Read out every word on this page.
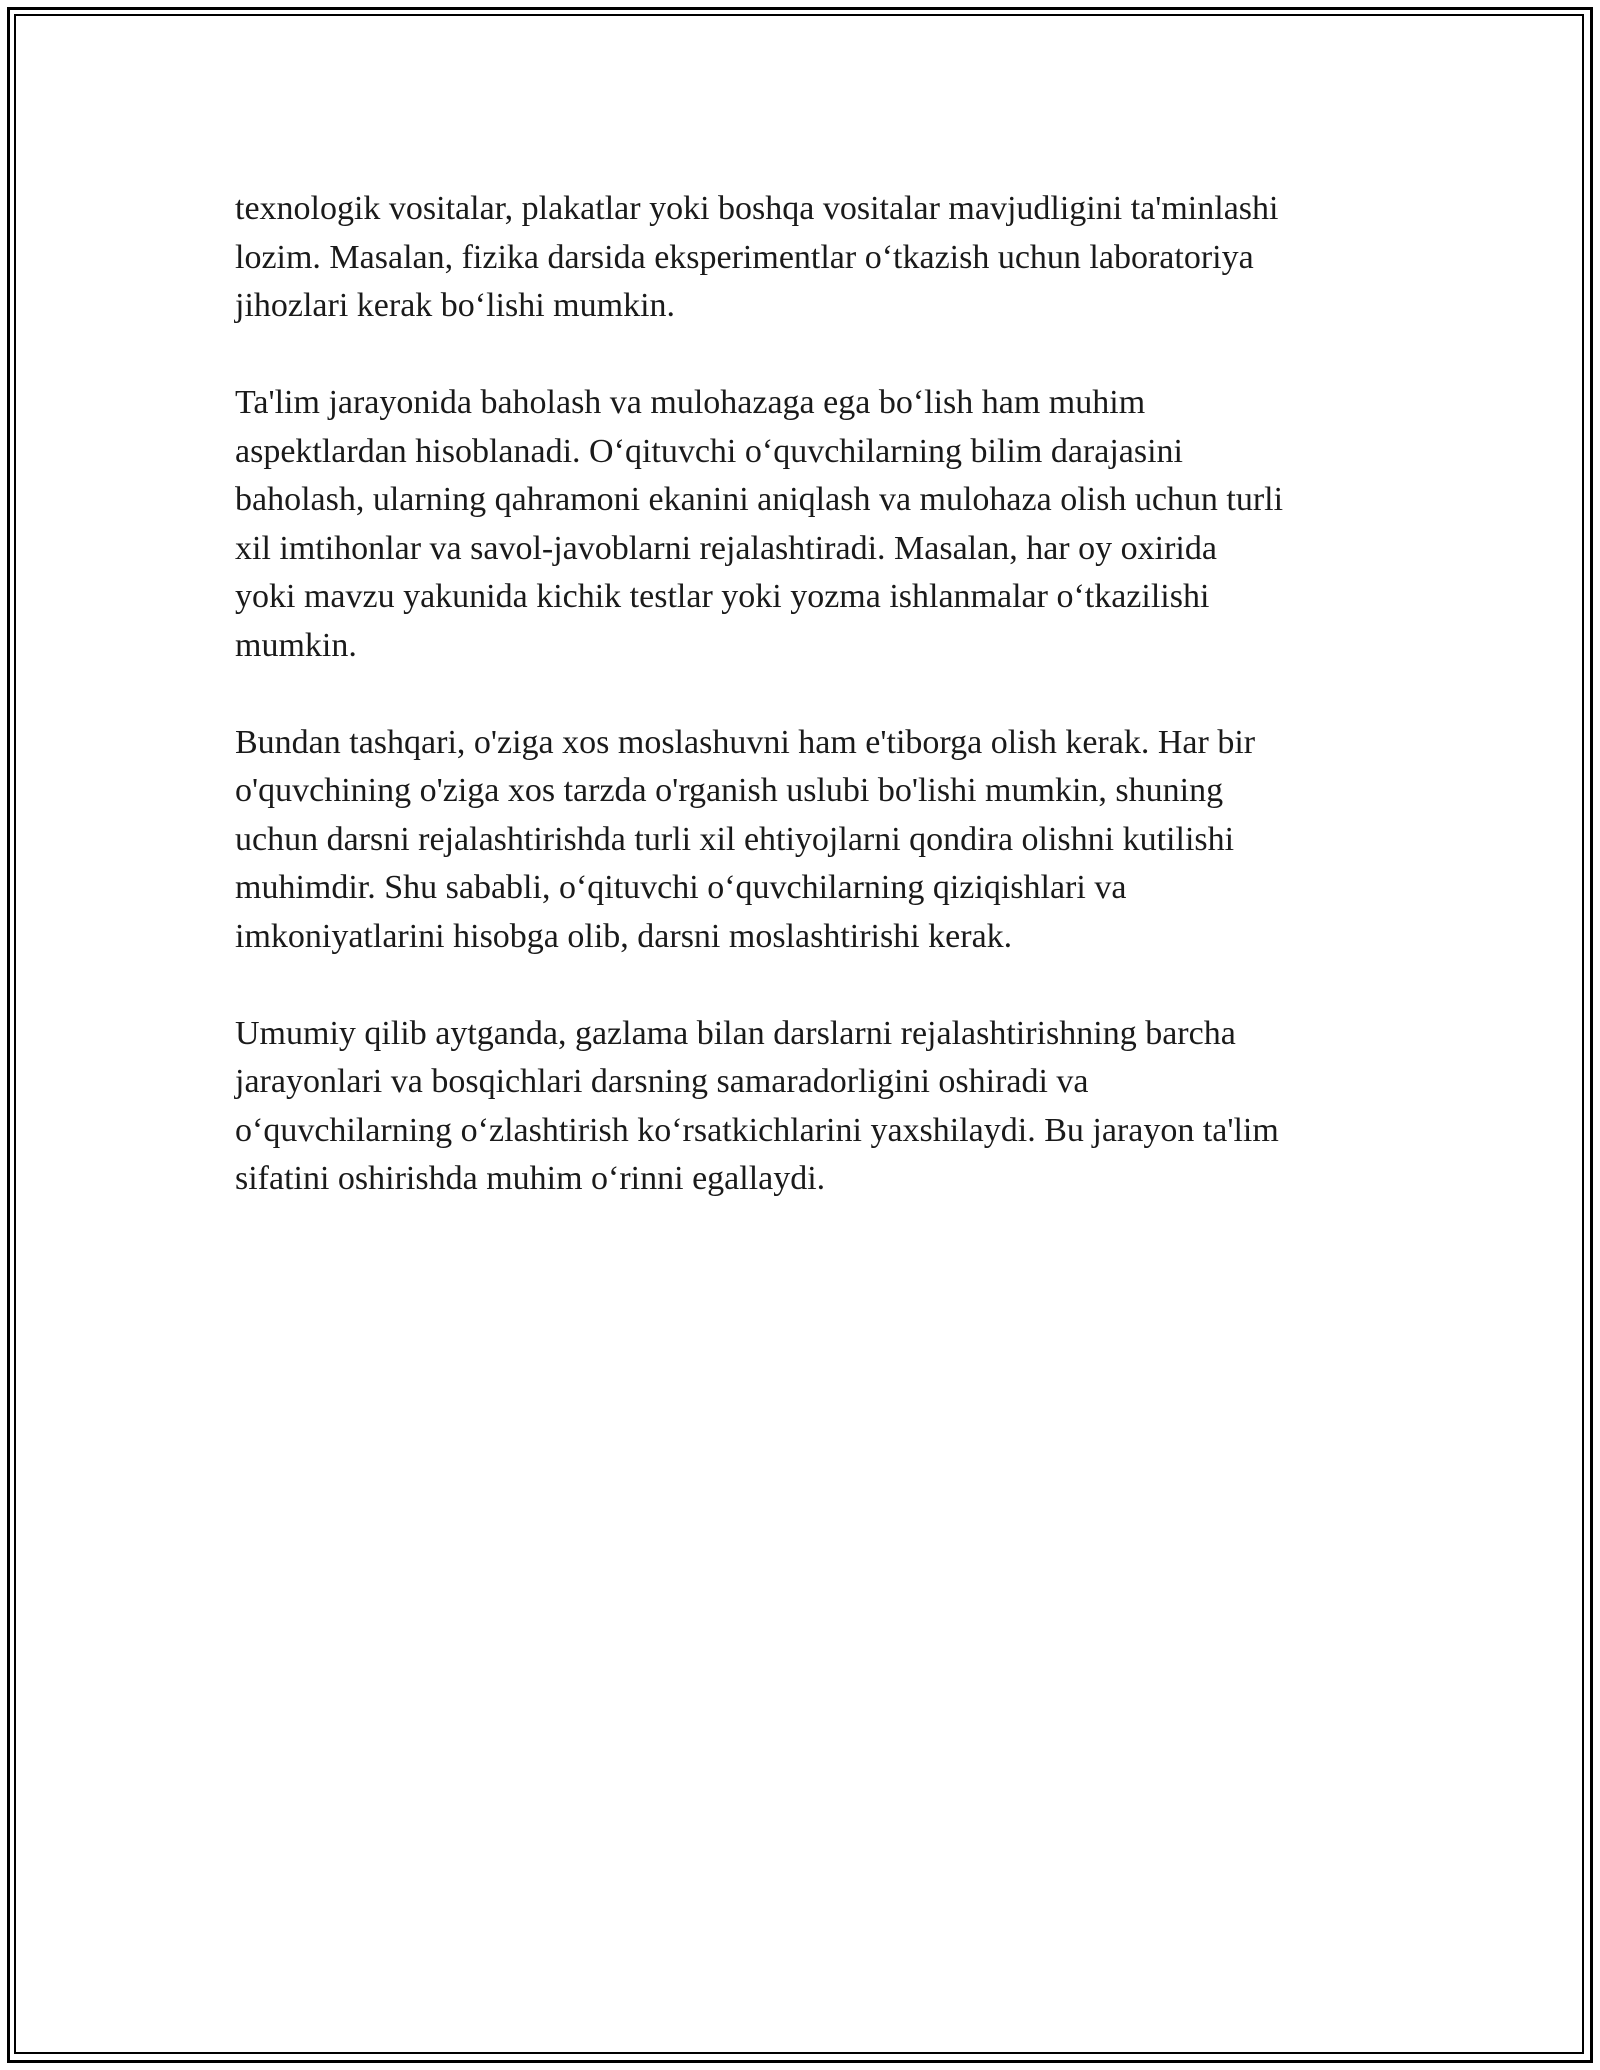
texnologik vositalar, plakatlar yoki boshqa vositalar mavjudligini ta'minlashi
lozim. Masalan, fizika darsida eksperimentlar o‘tkazish uchun laboratoriya
jihozlari kerak bo‘lishi mumkin.

Ta'lim jarayonida baholash va mulohazaga ega bo‘lish ham muhim
aspektlardan hisoblanadi. O‘qituvchi o‘quvchilarning bilim darajasini
baholash, ularning qahramoni ekanini aniqlash va mulohaza olish uchun turli
xil imtihonlar va savol-javoblarni rejalashtiradi. Masalan, har oy oxirida
yoki mavzu yakunida kichik testlar yoki yozma ishlanmalar o‘tkazilishi
mumkin.

Bundan tashqari, o'ziga xos moslashuvni ham e'tiborga olish kerak. Har bir
o'quvchining o'ziga xos tarzda o'rganish uslubi bo'lishi mumkin, shuning
uchun darsni rejalashtirishda turli xil ehtiyojlarni qondira olishni kutilishi
muhimdir. Shu sababli, o‘qituvchi o‘quvchilarning qiziqishlari va
imkoniyatlarini hisobga olib, darsni moslashtirishi kerak.

Umumiy qilib aytganda, gazlama bilan darslarni rejalashtirishning barcha
jarayonlari va bosqichlari darsning samaradorligini oshiradi va
o‘quvchilarning o‘zlashtirish ko‘rsatkichlarini yaxshilaydi. Bu jarayon ta'lim
sifatini oshirishda muhim o‘rinni egallaydi.
